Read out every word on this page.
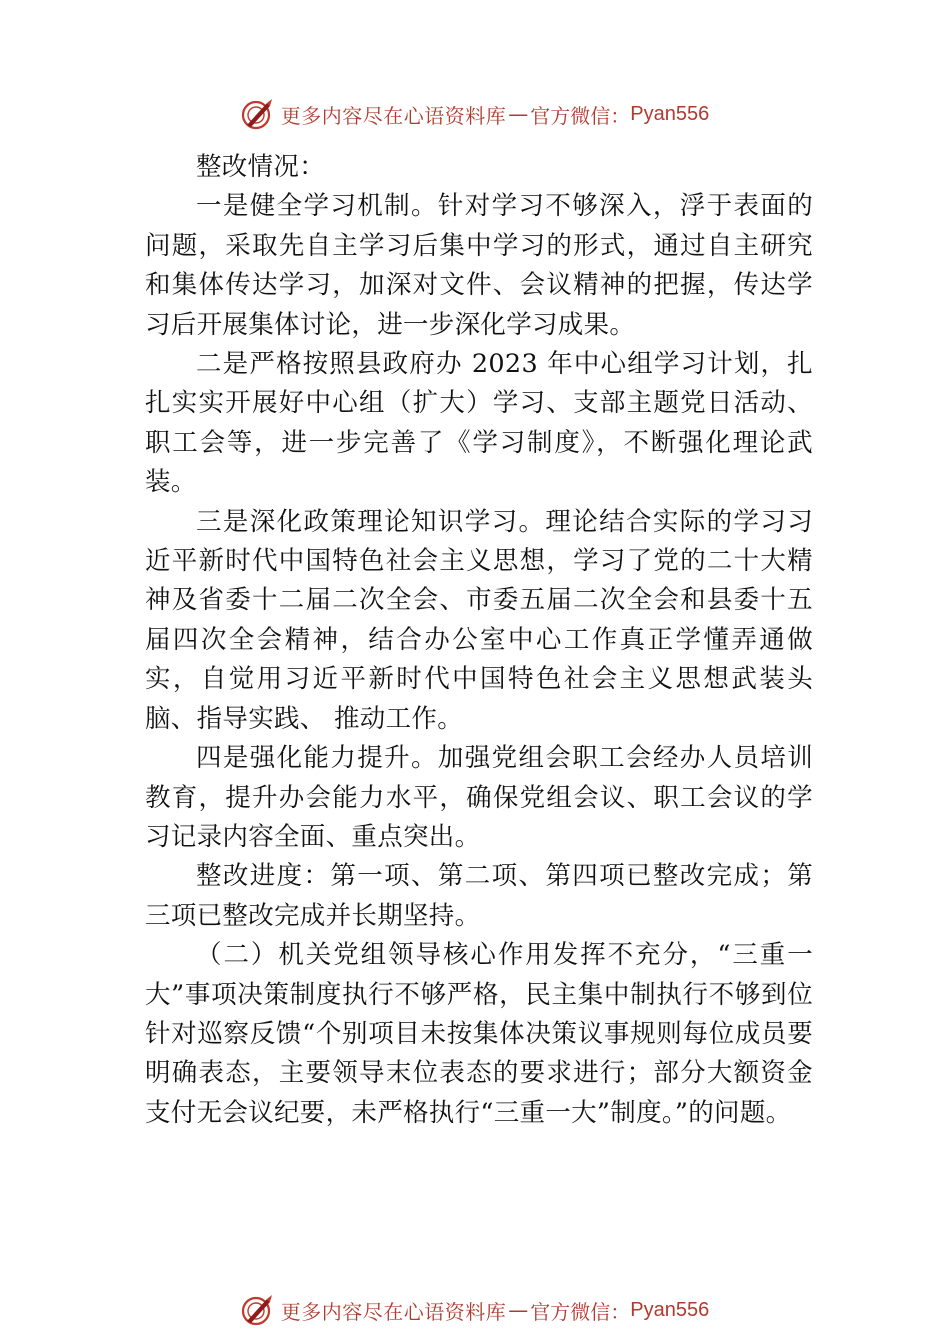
更多内容尽在心语资料库 — 官方微信： Pyan556

整改情况：

一是健全学习机制。针对学习不够深入，浮于表面的问题，采取先自主学习后集中学习的形式，通过自主研究和集体传达学习，加深对文件、会议精神的把握，传达学习后开展集体讨论，进一步深化学习成果。

二是严格按照县政府办 2023 年中心组学习计划，扎扎实实开展好中心组（扩大）学习、支部主题党日活动、职工会等，进一步完善了《学习制度》，不断强化理论武装。

三是深化政策理论知识学习。理论结合实际的学习习近平新时代中国特色社会主义思想，学习了党的二十大精神及省委十二届二次全会、市委五届二次全会和县委十五届四次全会精神，结合办公室中心工作真正学懂弄通做实，自觉用习近平新时代中国特色社会主义思想武装头脑、指导实践、 推动工作。

四是强化能力提升。加强党组会职工会经办人员培训教育，提升办会能力水平，确保党组会议、职工会议的学习记录内容全面、重点突出。

整改进度：第一项、第二项、第四项已整改完成；第三项已整改完成并长期坚持。

（二）机关党组领导核心作用发挥不充分，“三重一大”事项决策制度执行不够严格，民主集中制执行不够到位针对巡察反馈“个别项目未按集体决策议事规则每位成员要明确表态，主要领导末位表态的要求进行；部分大额资金支付无会议纪要，未严格执行“三重一大”制度。”的问题。

更多内容尽在心语资料库 — 官方微信： Pyan556
